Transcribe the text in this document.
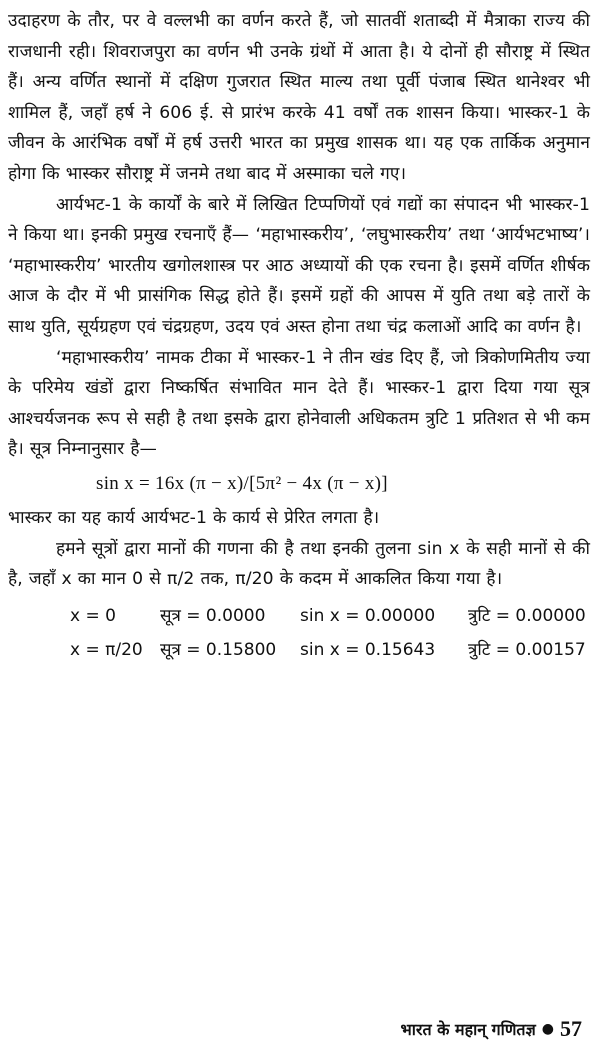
उदाहरण के तौर, पर वे वल्लभी का वर्णन करते हैं, जो सातवीं शताब्दी में मैत्राका राज्य की राजधानी रही। शिवराजपुरा का वर्णन भी उनके ग्रंथों में आता है। ये दोनों ही सौराष्ट्र में स्थित हैं। अन्य वर्णित स्थानों में दक्षिण गुजरात स्थित माल्य तथा पूर्वी पंजाब स्थित थानेश्वर भी शामिल हैं, जहाँ हर्ष ने 606 ई. से प्रारंभ करके 41 वर्षों तक शासन किया। भास्कर-1 के जीवन के आरंभिक वर्षों में हर्ष उत्तरी भारत का प्रमुख शासक था। यह एक तार्किक अनुमान होगा कि भास्कर सौराष्ट्र में जनमे तथा बाद में अस्माका चले गए।

आर्यभट-1 के कार्यों के बारे में लिखित टिप्पणियों एवं गद्यों का संपादन भी भास्कर-1 ने किया था। इनकी प्रमुख रचनाएँ हैं— ‘महाभास्करीय’, ‘लघुभास्करीय’ तथा ‘आर्यभटभाष्य’। ‘महाभास्करीय’ भारतीय खगोलशास्त्र पर आठ अध्यायों की एक रचना है। इसमें वर्णित शीर्षक आज के दौर में भी प्रासंगिक सिद्ध होते हैं। इसमें ग्रहों की आपस में युति तथा बड़े तारों के साथ युति, सूर्यग्रहण एवं चंद्रग्रहण, उदय एवं अस्त होना तथा चंद्र कलाओं आदि का वर्णन है।

‘महाभास्करीय’ नामक टीका में भास्कर-1 ने तीन खंड दिए हैं, जो त्रिकोणमितीय ज्या के परिमेय खंडों द्वारा निष्कर्षित संभावित मान देते हैं। भास्कर-1 द्वारा दिया गया सूत्र आश्चर्यजनक रूप से सही है तथा इसके द्वारा होनेवाली अधिकतम त्रुटि 1 प्रतिशत से भी कम है। सूत्र निम्नानुसार है—

sin x = 16x (π − x)/[5π² − 4x (π − x)]

भास्कर का यह कार्य आर्यभट-1 के कार्य से प्रेरित लगता है।

हमने सूत्रों द्वारा मानों की गणना की है तथा इनकी तुलना sin x के सही मानों से की है, जहाँ x का मान 0 से π/2 तक, π/20 के कदम में आकलित किया गया है।

x = 0	सूत्र = 0.0000	sin x = 0.00000	त्रुटि = 0.00000
x = π/20	सूत्र = 0.15800	sin x = 0.15643	त्रुटि = 0.00157
भारत के महान् गणितज्ञ ● 57
